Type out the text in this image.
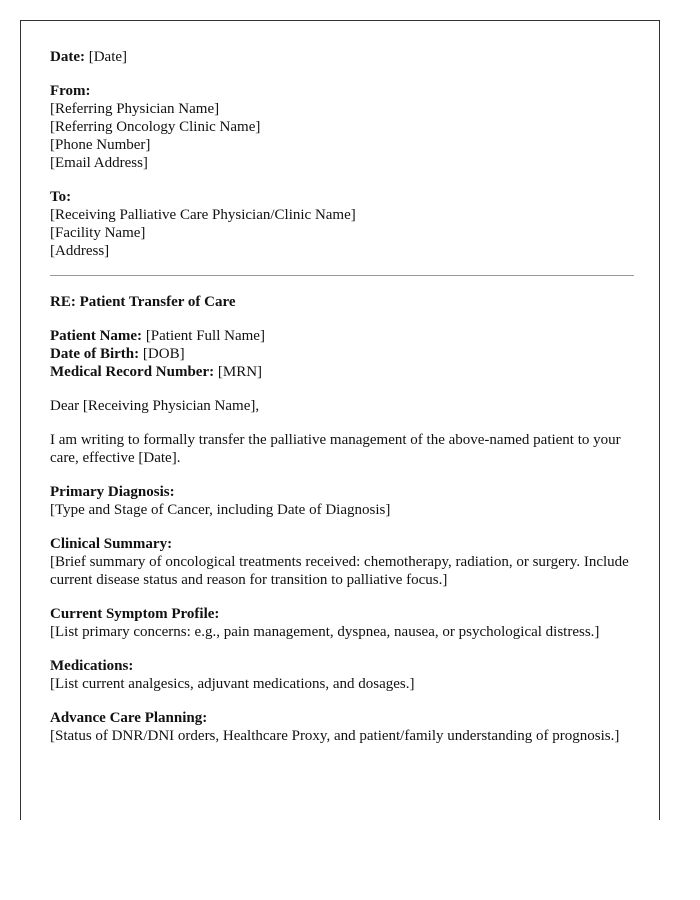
Date: [Date]
From:
[Referring Physician Name]
[Referring Oncology Clinic Name]
[Phone Number]
[Email Address]
To:
[Receiving Palliative Care Physician/Clinic Name]
[Facility Name]
[Address]
RE: Patient Transfer of Care
Patient Name: [Patient Full Name]
Date of Birth: [DOB]
Medical Record Number: [MRN]
Dear [Receiving Physician Name],
I am writing to formally transfer the palliative management of the above-named patient to your care, effective [Date].
Primary Diagnosis:
[Type and Stage of Cancer, including Date of Diagnosis]
Clinical Summary:
[Brief summary of oncological treatments received: chemotherapy, radiation, or surgery. Include current disease status and reason for transition to palliative focus.]
Current Symptom Profile:
[List primary concerns: e.g., pain management, dyspnea, nausea, or psychological distress.]
Medications:
[List current analgesics, adjuvant medications, and dosages.]
Advance Care Planning:
[Status of DNR/DNI orders, Healthcare Proxy, and patient/family understanding of prognosis.]
